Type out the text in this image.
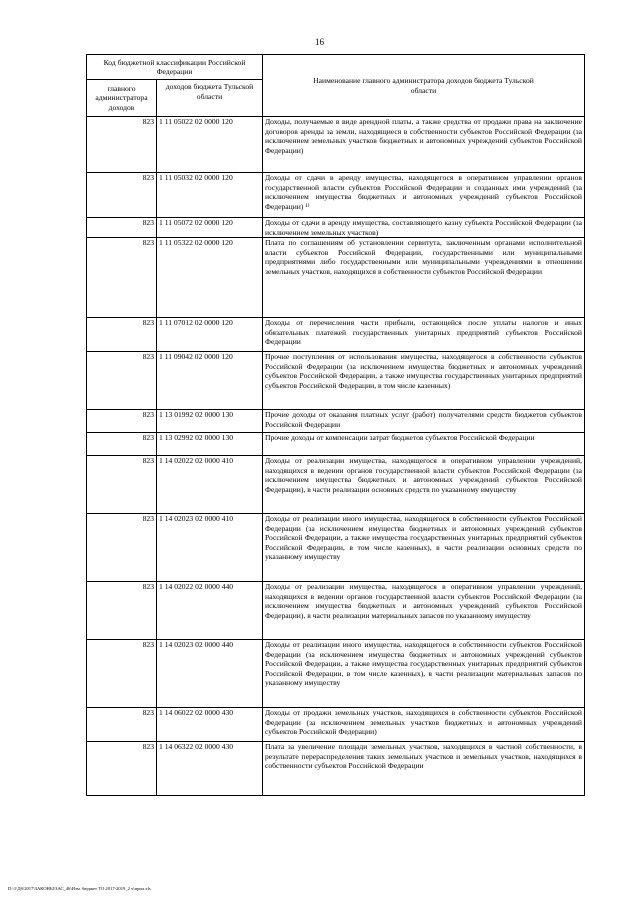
16
Код бюджетной классификации Российской Федерации		Наименование главного администратора доходов бюджета Тульской области
главного администратора доходов	доходов бюджета Тульской области	
823	1 11 05022 02 0000 120	Доходы, получаемые в виде арендной платы, а также средства от продажи права на заключение договоров аренды за земли, находящиеся в собственности субъектов Российской Федерации (за исключением земельных участков бюджетных и автономных учреждений субъектов Российской Федерации)
823	1 11 05032 02 0000 120	Доходы от сдачи в аренду имущества, находящегося в оперативном управлении органов государственной власти субъектов Российской Федерации и созданных ими учреждений (за исключением имущества бюджетных и автономных учреждений субъектов Российской Федерации) ¹⁾
823	1 11 05072 02 0000 120	Доходы от сдачи в аренду имущества, составляющего казну субъекта Российской Федерации (за исключением земельных участков)
823	1 11 05322 02 0000 120	Плата по соглашениям об установлении сервитута, заключенным органами исполнительной власти субъектов Российской Федерации, государственными или муниципальными предприятиями либо государственными или муниципальными учреждениями в отношении земельных участков, находящихся в собственности субъектов Российской Федерации
823	1 11 07012 02 0000 120	Доходы от перечисления части прибыли, остающейся после уплаты налогов и иных обязательных платежей государственных унитарных предприятий субъектов Российской Федерации
823	1 11 09042 02 0000 120	Прочие поступления от использования имущества, находящегося в собственности субъектов Российской Федерации (за исключением имущества бюджетных и автономных учреждений субъектов Российской Федерации, а также имущества государственных унитарных предприятий субъектов Российской Федерации, в том числе казенных)
823	1 13 01992 02 0000 130	Прочие доходы от оказания платных услуг (работ) получателями средств бюджетов субъектов Российской Федерации
823	1 13 02992 02 0000 130	Прочие доходы от компенсации затрат бюджетов субъектов Российской Федерации
823	1 14 02022 02 0000 410	Доходы от реализации имущества, находящегося в оперативном управлении учреждений, находящихся в ведении органов государственной власти субъектов Российской Федерации (за исключением имущества бюджетных и автономных учреждений субъектов Российской Федерации), в части реализации основных средств по указанному имуществу
823	1 14 02023 02 0000 410	Доходы от реализации иного имущества, находящегося в собственности субъектов Российской Федерации (за исключением имущества бюджетных и автономных учреждений субъектов Российской Федерации, а также имущества государственных унитарных предприятий субъектов Российской Федерации, в том числе казенных), в части реализации основных средств по указанному имуществу
823	1 14 02022 02 0000 440	Доходы от реализации имущества, находящегося в оперативном управлении учреждений, находящихся в ведении органов государственной власти субъектов Российской Федерации (за исключением имущества бюджетных и автономных учреждений субъектов Российской Федерации), в части реализации материальных запасов по указанному имуществу
823	1 14 02023 02 0000 440	Доходы от реализации иного имущества, находящегося в собственности субъектов Российской Федерации (за исключением имущества бюджетных и автономных учреждений субъектов Российской Федерации, а также имущества государственных унитарных предприятий субъектов Российской Федерации, в том числе казенных), в части реализации материальных запасов по указанному имуществу
823	1 14 06022 02 0000 430	Доходы от продажи земельных участков, находящихся в собственности субъектов Российской Федерации (за исключением земельных участков бюджетных и автономных учреждений субъектов Российской Федерации)
823	1 14 06322 02 0000 430	Плата за увеличение площади земельных участков, находящихся в частной собственности, в результате перераспределения таких земельных участков и земельных участков, находящихся в собственности субъектов Российской Федерации
D:\1\Дб\2017\ЗАКОНЫ\ЗАС_46\Изм. бюджет ТО 2017-2019_2 ч\прил.xls
